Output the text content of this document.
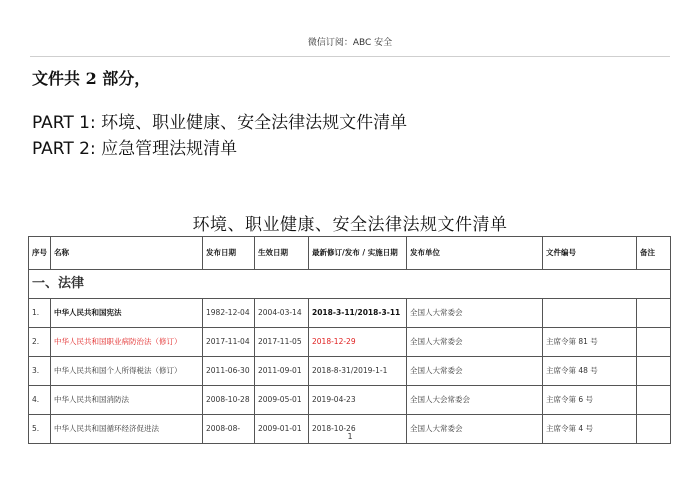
微信订阅：ABC 安全
文件共 2 部分，
PART 1: 环境、职业健康、安全法律法规文件清单
PART 2: 应急管理法规清单
环境、职业健康、安全法律法规文件清单
序号	名称	发布日期	生效日期	最新修订/发布 / 实施日期	发布单位	文件编号	备注
一、法律							
1.	中华人民共和国宪法	1982-12-04	2004-03-14	2018-3-11/2018-3-11	全国人大常委会		
2.	中华人民共和国职业病防治法（修订）	2017-11-04	2017-11-05	2018-12-29	全国人大常委会	主席令第 81 号	
3.	中华人民共和国个人所得税法（修订）	2011-06-30	2011-09-01	2018-8-31/2019-1-1	全国人大常委会	主席令第 48 号	
4.	中华人民共和国消防法	2008-10-28	2009-05-01	2019-04-23	全国人大会常委会	主席令第 6 号	
5.	中华人民共和国循环经济促进法	2008-08-	2009-01-01	2018-10-26	全国人大常委会	主席令第 4 号	
1
